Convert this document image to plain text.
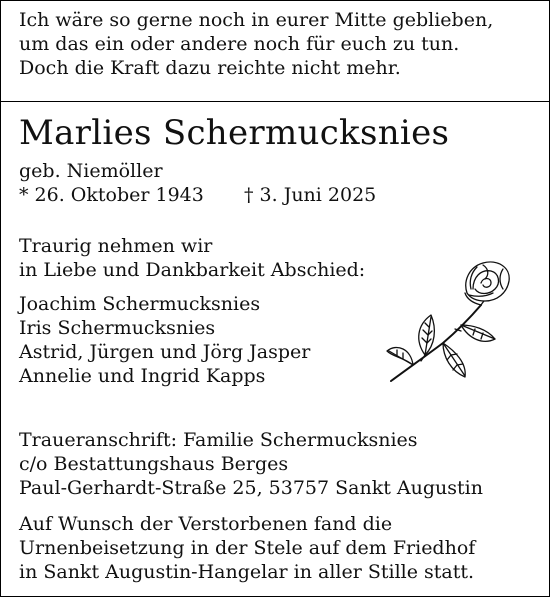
Ich wäre so gerne noch in eurer Mitte geblieben,
um das ein oder andere noch für euch zu tun.
Doch die Kraft dazu reichte nicht mehr.
Marlies Schermucksnies
geb. Niemöller
* 26. Oktober 1943 † 3. Juni 2025
Traurig nehmen wir
in Liebe und Dankbarkeit Abschied:
Joachim Schermucksnies
Iris Schermucksnies
Astrid, Jürgen und Jörg Jasper
Annelie und Ingrid Kapps
Traueranschrift: Familie Schermucksnies
c/o Bestattungshaus Berges
Paul-Gerhardt-Straße 25, 53757 Sankt Augustin
Auf Wunsch der Verstorbenen fand die
Urnenbeisetzung in der Stele auf dem Friedhof
in Sankt Augustin-Hangelar in aller Stille statt.
